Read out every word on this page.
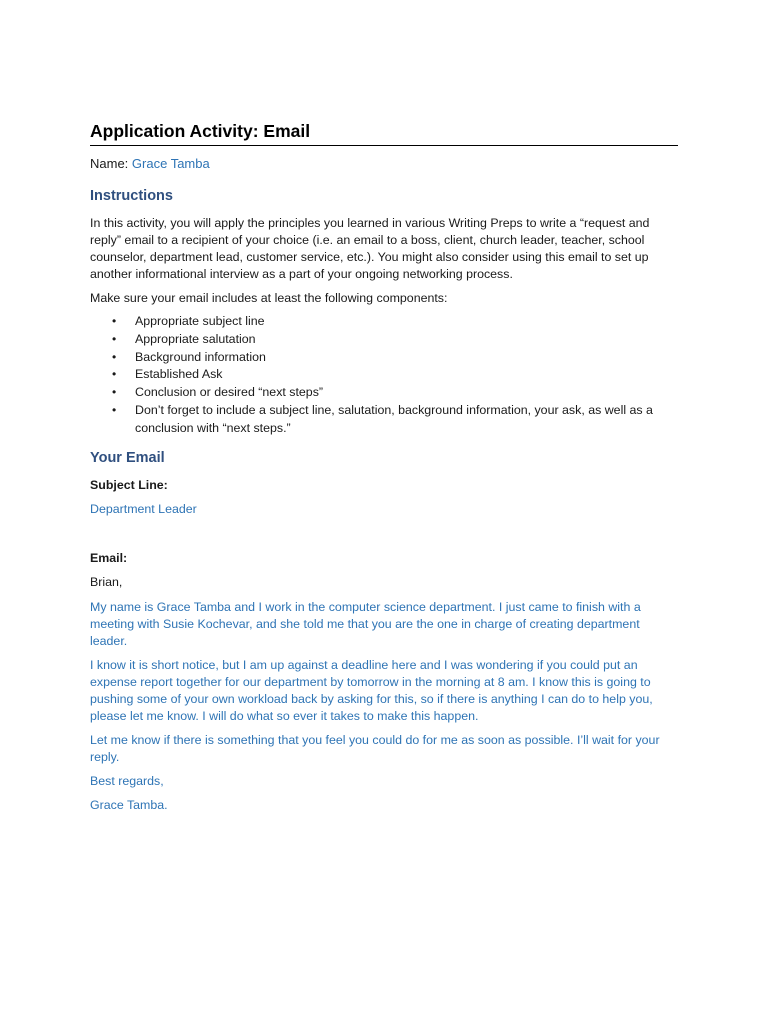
Application Activity: Email

Name: Grace Tamba

Instructions

In this activity, you will apply the principles you learned in various Writing Preps to write a “request and reply” email to a recipient of your choice (i.e. an email to a boss, client, church leader, teacher, school counselor, department lead, customer service, etc.). You might also consider using this email to set up another informational interview as a part of your ongoing networking process.

Make sure your email includes at least the following components:

• Appropriate subject line
• Appropriate salutation
• Background information
• Established Ask
• Conclusion or desired “next steps”
• Don’t forget to include a subject line, salutation, background information, your ask, as well as a conclusion with “next steps.”
Your Email

Subject Line:

Department Leader

Email:

Brian,

My name is Grace Tamba and I work in the computer science department. I just came to finish with a meeting with Susie Kochevar, and she told me that you are the one in charge of creating department leader.

I know it is short notice, but I am up against a deadline here and I was wondering if you could put an expense report together for our department by tomorrow in the morning at 8 am. I know this is going to pushing some of your own workload back by asking for this, so if there is anything I can do to help you, please let me know. I will do what so ever it takes to make this happen.

Let me know if there is something that you feel you could do for me as soon as possible. I’ll wait for your reply.

Best regards,

Grace Tamba.
